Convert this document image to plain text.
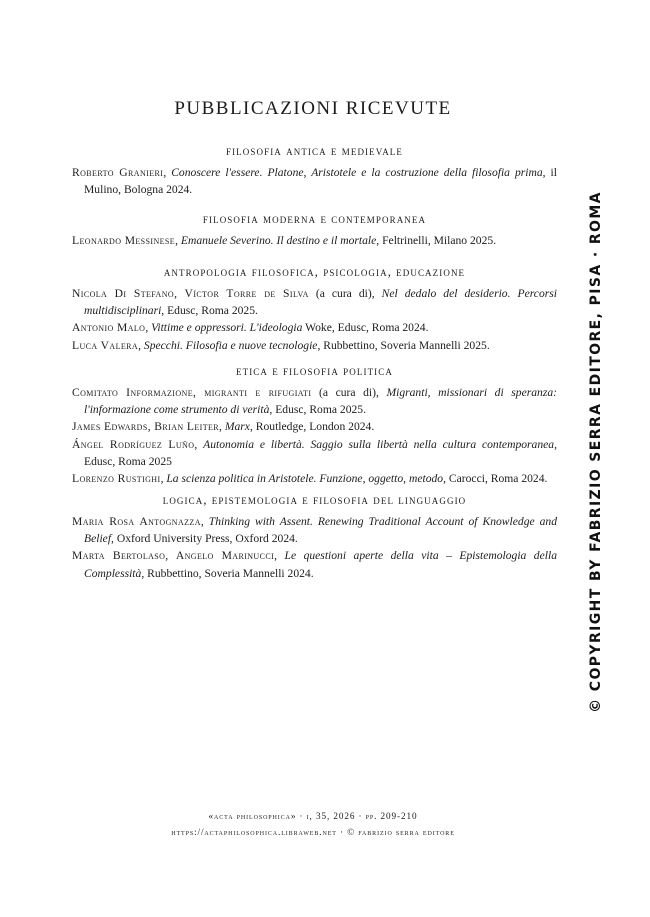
PUBBLICAZIONI RICEVUTE

filosofia antica e medievale

Roberto Granieri, Conoscere l'essere. Platone, Aristotele e la costruzione della filosofia prima, il Mulino, Bologna 2024.

filosofia moderna e contemporanea

Leonardo Messinese, Emanuele Severino. Il destino e il mortale, Feltrinelli, Milano 2025.

antropologia filosofica, psicologia, educazione

Nicola Di Stefano, Víctor Torre de Silva (a cura di), Nel dedalo del desiderio. Percorsi multidisciplinari, Edusc, Roma 2025.

Antonio Malo, Vittime e oppressori. L'ideologia Woke, Edusc, Roma 2024.

Luca Valera, Specchi. Filosofia e nuove tecnologie, Rubbettino, Soveria Mannelli 2025.

etica e filosofia politica

Comitato Informazione, migranti e rifugiati (a cura di), Migranti, missionari di speranza: l'informazione come strumento di verità, Edusc, Roma 2025.

James Edwards, Brian Leiter, Marx, Routledge, London 2024.

Ángel Rodríguez Luño, Autonomia e libertà. Saggio sulla libertà nella cultura contemporanea, Edusc, Roma 2025

Lorenzo Rustighi, La scienza politica in Aristotele. Funzione, oggetto, metodo, Carocci, Roma 2024.

logica, epistemologia e filosofia del linguaggio

Maria Rosa Antognazza, Thinking with Assent. Renewing Traditional Account of Knowledge and Belief, Oxford University Press, Oxford 2024.

Marta Bertolaso, Angelo Marinucci, Le questioni aperte della vita – Epistemologia della Complessità, Rubbettino, Soveria Mannelli 2024.	© COPYRIGHT BY FABRIZIO SERRA EDITORE, PISA · ROMA

«acta philosophica» · i, 35, 2026 · pp. 209-210

https://actaphilosophica.libraweb.net · © fabrizio serra editore
